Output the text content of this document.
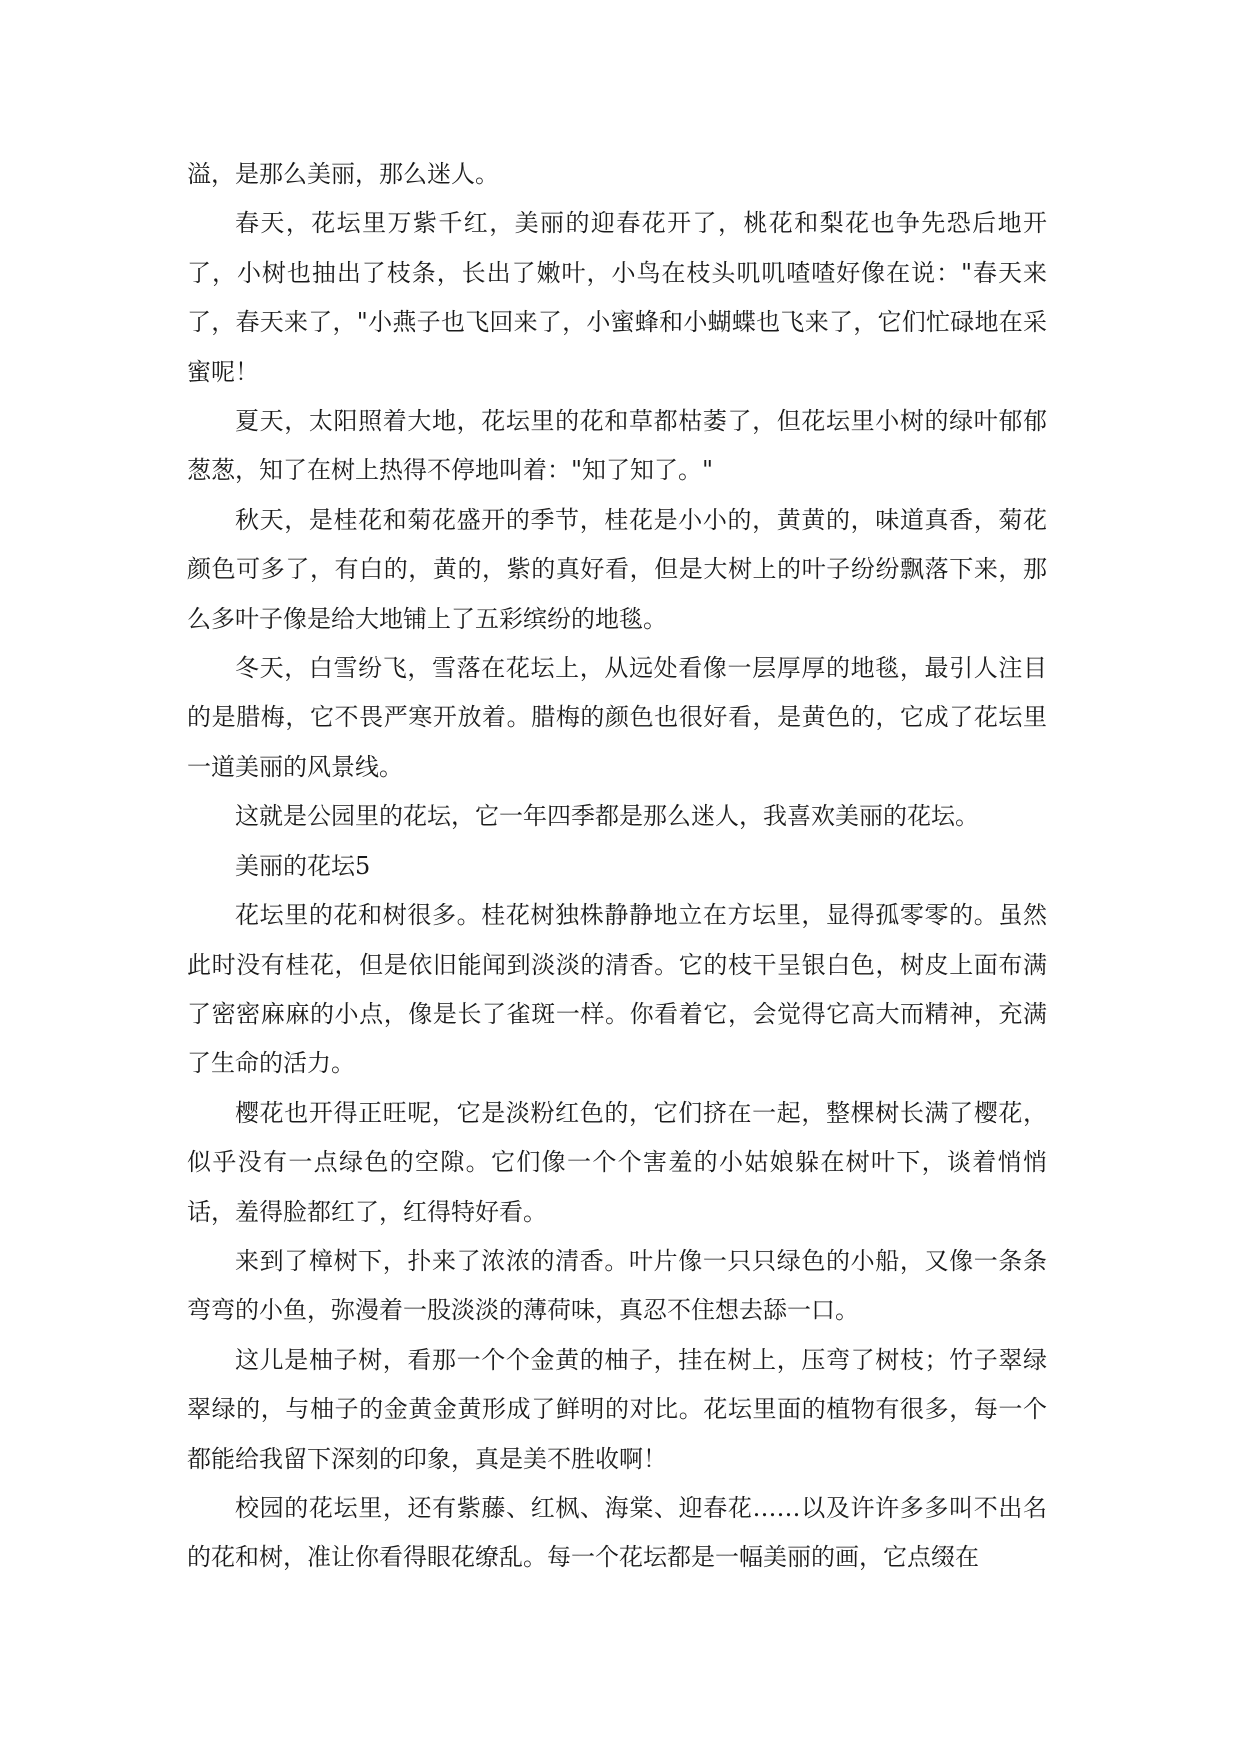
溢，是那么美丽，那么迷人。

春天，花坛里万紫千红，美丽的迎春花开了，桃花和梨花也争先恐后地开了，小树也抽出了枝条，长出了嫩叶，小鸟在枝头叽叽喳喳好像在说："春天来了，春天来了，"小燕子也飞回来了，小蜜蜂和小蝴蝶也飞来了，它们忙碌地在采蜜呢！

夏天，太阳照着大地，花坛里的花和草都枯萎了，但花坛里小树的绿叶郁郁葱葱，知了在树上热得不停地叫着："知了知了。"

秋天，是桂花和菊花盛开的季节，桂花是小小的，黄黄的，味道真香，菊花颜色可多了，有白的，黄的，紫的真好看，但是大树上的叶子纷纷飘落下来，那么多叶子像是给大地铺上了五彩缤纷的地毯。

冬天，白雪纷飞，雪落在花坛上，从远处看像一层厚厚的地毯，最引人注目的是腊梅，它不畏严寒开放着。腊梅的颜色也很好看，是黄色的，它成了花坛里一道美丽的风景线。

这就是公园里的花坛，它一年四季都是那么迷人，我喜欢美丽的花坛。

美丽的花坛5

花坛里的花和树很多。桂花树独株静静地立在方坛里，显得孤零零的。虽然此时没有桂花，但是依旧能闻到淡淡的清香。它的枝干呈银白色，树皮上面布满了密密麻麻的小点，像是长了雀斑一样。你看着它，会觉得它高大而精神，充满了生命的活力。

樱花也开得正旺呢，它是淡粉红色的，它们挤在一起，整棵树长满了樱花，似乎没有一点绿色的空隙。它们像一个个害羞的小姑娘躲在树叶下，谈着悄悄话，羞得脸都红了，红得特好看。

来到了樟树下，扑来了浓浓的清香。叶片像一只只绿色的小船，又像一条条弯弯的小鱼，弥漫着一股淡淡的薄荷味，真忍不住想去舔一口。

这儿是柚子树，看那一个个金黄的柚子，挂在树上，压弯了树枝；竹子翠绿翠绿的，与柚子的金黄金黄形成了鲜明的对比。花坛里面的植物有很多，每一个都能给我留下深刻的印象，真是美不胜收啊！

校园的花坛里，还有紫藤、红枫、海棠、迎春花……以及许许多多叫不出名的花和树，准让你看得眼花缭乱。每一个花坛都是一幅美丽的画，它点缀在
